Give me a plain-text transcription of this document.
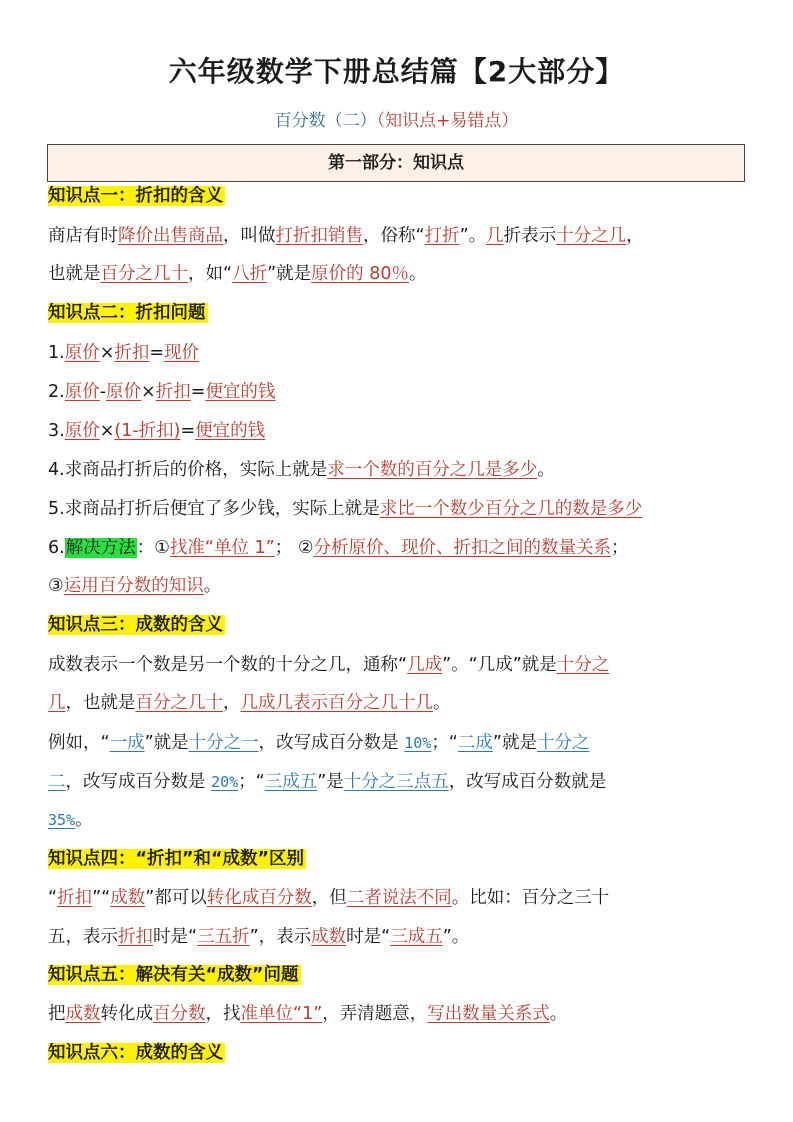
六年级数学下册总结篇【2大部分】
百分数（二）（知识点+易错点）
第一部分：知识点
知识点一：折扣的含义
商店有时降价出售商品，叫做打折扣销售，俗称“打折”。几折表示十分之几，
也就是百分之几十，如“八折”就是原价的 80％。
知识点二：折扣问题
1.原价×折扣=现价
2.原价-原价×折扣=便宜的钱
3.原价×(1-折扣)=便宜的钱
4.求商品打折后的价格，实际上就是求一个数的百分之几是多少。
5.求商品打折后便宜了多少钱，实际上就是求比一个数少百分之几的数是多少
6.解决方法：①找准“单位 1”； ②分析原价、现价、折扣之间的数量关系；
③运用百分数的知识。
知识点三：成数的含义
成数表示一个数是另一个数的十分之几，通称“几成”。“几成”就是十分之
几，也就是百分之几十，几成几表示百分之几十几。
例如，“一成”就是十分之一，改写成百分数是 10%；“二成”就是十分之
二，改写成百分数是 20%；“三成五”是十分之三点五，改写成百分数就是
35%。
知识点四：“折扣”和“成数”区别
“折扣”“成数”都可以转化成百分数，但二者说法不同。比如：百分之三十
五，表示折扣时是“三五折”，表示成数时是“三成五”。
知识点五：解决有关“成数”问题
把成数转化成百分数，找准单位“1”，弄清题意，写出数量关系式。
知识点六：成数的含义
